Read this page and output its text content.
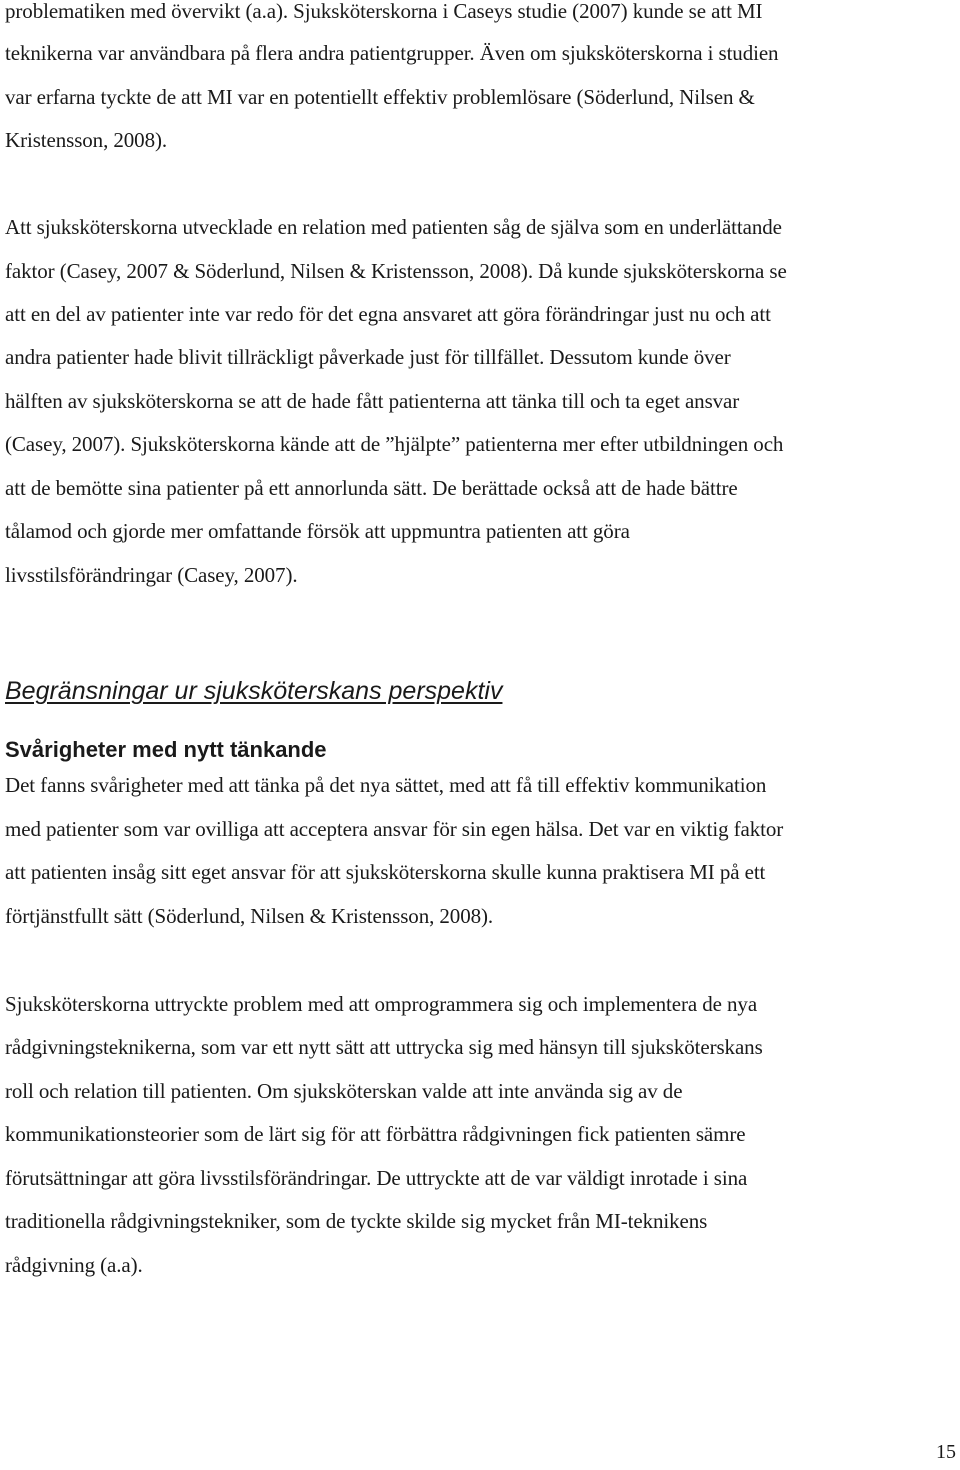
problematiken med övervikt (a.a). Sjuksköterskorna i Caseys studie (2007) kunde se att MI
teknikerna var användbara på flera andra patientgrupper. Även om sjuksköterskorna i studien
var erfarna tyckte de att MI var en potentiellt effektiv problemlösare (Söderlund, Nilsen &
Kristensson, 2008).
Att sjuksköterskorna utvecklade en relation med patienten såg de själva som en underlättande
faktor (Casey, 2007 & Söderlund, Nilsen & Kristensson, 2008). Då kunde sjuksköterskorna se
att en del av patienter inte var redo för det egna ansvaret att göra förändringar just nu och att
andra patienter hade blivit tillräckligt påverkade just för tillfället. Dessutom kunde över
hälften av sjuksköterskorna se att de hade fått patienterna att tänka till och ta eget ansvar
(Casey, 2007). Sjuksköterskorna kände att de ”hjälpte” patienterna mer efter utbildningen och
att de bemötte sina patienter på ett annorlunda sätt. De berättade också att de hade bättre
tålamod och gjorde mer omfattande försök att uppmuntra patienten att göra
livsstilsförändringar (Casey, 2007).
Begränsningar ur sjuksköterskans perspektiv
Svårigheter med nytt tänkande
Det fanns svårigheter med att tänka på det nya sättet, med att få till effektiv kommunikation
med patienter som var ovilliga att acceptera ansvar för sin egen hälsa. Det var en viktig faktor
att patienten insåg sitt eget ansvar för att sjuksköterskorna skulle kunna praktisera MI på ett
förtjänstfullt sätt (Söderlund, Nilsen & Kristensson, 2008).
Sjuksköterskorna uttryckte problem med att omprogrammera sig och implementera de nya
rådgivningsteknikerna, som var ett nytt sätt att uttrycka sig med hänsyn till sjuksköterskans
roll och relation till patienten. Om sjuksköterskan valde att inte använda sig av de
kommunikationsteorier som de lärt sig för att förbättra rådgivningen fick patienten sämre
förutsättningar att göra livsstilsförändringar. De uttryckte att de var väldigt inrotade i sina
traditionella rådgivningstekniker, som de tyckte skilde sig mycket från MI-teknikens
rådgivning (a.a).
15
